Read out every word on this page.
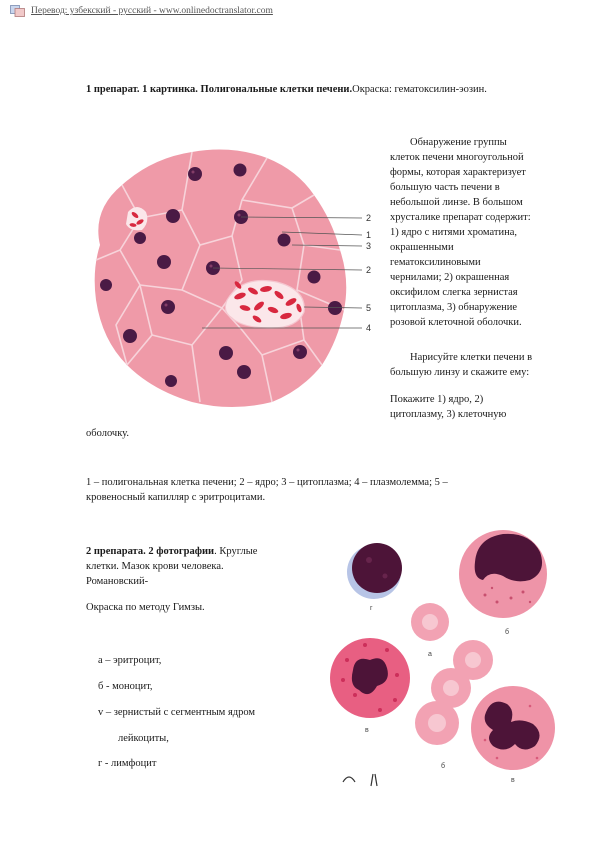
Перевод: узбекский - русский - www.onlinedoctranslator.com
1 препарат. 1 картинка. Полигональные клетки печени.Окраска: гематоксилин-эозин.
2
1
3
2
5
4
Обнаружение группы
клеток печени многоугольной
формы, которая характеризует
большую часть печени в
небольшой линзе. В большом
хрусталике препарат содержит:
1) ядро с нитями хроматина,
окрашенными
гематоксилиновыми
чернилами; 2) окрашенная
оксифилом слегка зернистая
цитоплазма, 3) обнаружение
розовой клеточной оболочки.
Нарисуйте клетки печени в
большую линзу и скажите ему:
Покажите 1) ядро, 2)
цитоплазму, 3) клеточную
оболочку.
1 – полигональная клетка печени; 2 – ядро; 3 – цитоплазма; 4 – плазмолемма; 5 –
кровеносный капилляр с эритроцитами.
2 препарата. 2 фотографии. Круглые
клетки. Мазок крови человека.
Романовский-
Окраска по методу Гимзы.
а – эритроцит,
б - моноцит,
v – зернистый с сегментным ядром
лейкоциты,
г - лимфоцит
г
б
а
в
б
в
